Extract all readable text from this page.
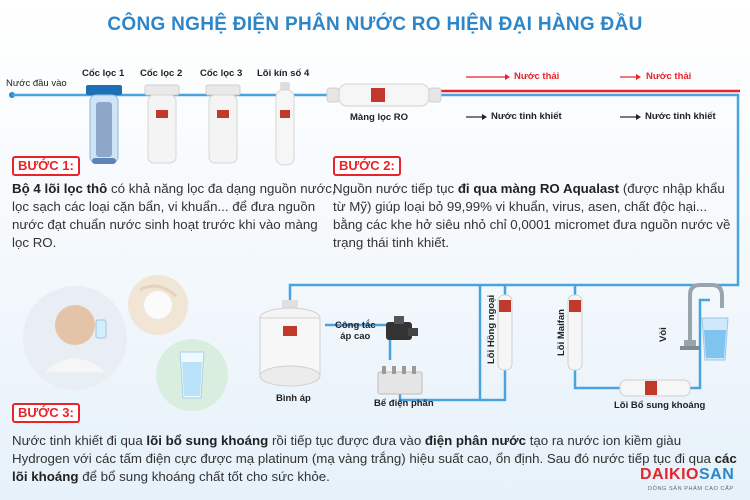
CÔNG NGHỆ ĐIỆN PHÂN NƯỚC RO HIỆN ĐẠI HÀNG ĐẦU
Nước đầu vào
Cốc lọc 1 Cốc lọc 2 Cốc lọc 3 Lõi kín số 4
Màng lọc RO
Nước thải	Nước thải
Nước tinh khiết	Nước tinh khiết
Bình áp
Công tắc
áp cao
Bể điện phân
Lõi Hồng ngoại	Lõi Maifan	Vòi
Lõi Bổ sung khoáng
BƯỚC 1:
Bộ 4 lõi lọc thô có khả năng lọc đa dạng nguồn nước, lọc sạch các loại cặn bẩn, vi khuẩn... để đưa nguồn nước đạt chuẩn nước sinh hoạt trước khi vào màng lọc RO.
BƯỚC 2:
Nguồn nước tiếp tục đi qua màng RO Aqualast (được nhập khẩu từ Mỹ) giúp loại bỏ 99,99% vi khuẩn, virus, asen, chất độc hại... bằng các khe hở siêu nhỏ chỉ 0,0001 micromet đưa nguồn nước về trạng thái tinh khiết.
BƯỚC 3:
Nước tinh khiết đi qua lõi bổ sung khoáng rồi tiếp tục được đưa vào điện phân nước tạo ra nước ion kiềm giàu Hydrogen với các tấm điện cực được mạ platinum (mạ vàng trắng) hiệu suất cao, ổn định. Sau đó nước tiếp tục đi qua các lõi khoáng để bổ sung khoáng chất tốt cho sức khỏe.	DAIKIOSAN
DÒNG SẢN PHẨM CAO CẤP
